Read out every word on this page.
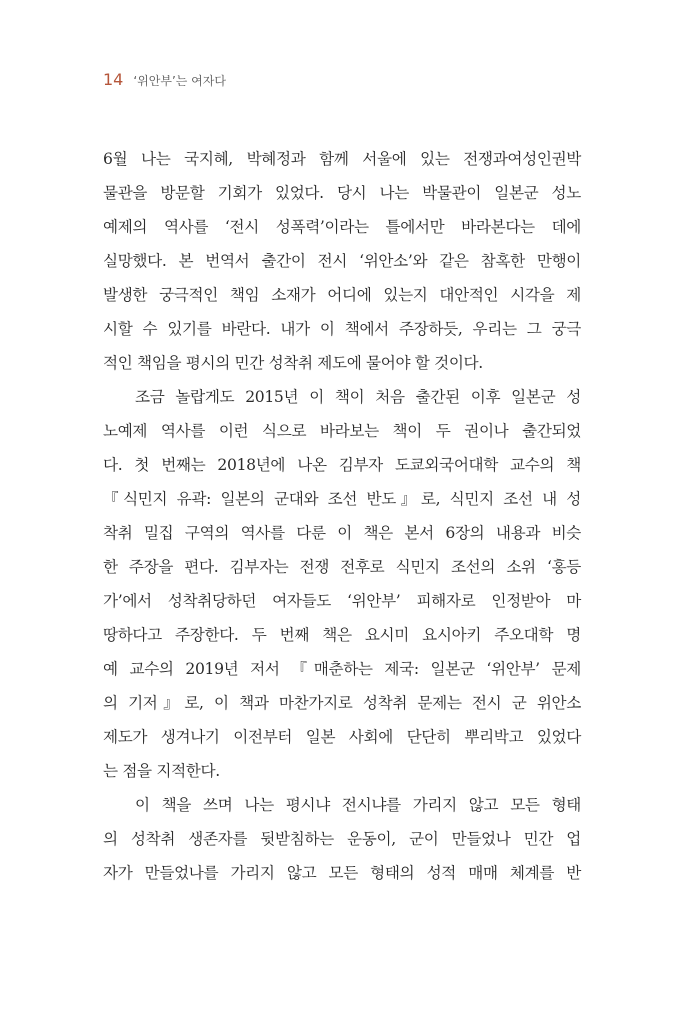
14 ‘위안부’는 여자다
6월 나는 국지혜, 박혜정과 함께 서울에 있는 전쟁과여성인권박
물관을 방문할 기회가 있었다. 당시 나는 박물관이 일본군 성노
예제의 역사를 ‘전시 성폭력’이라는 틀에서만 바라본다는 데에
실망했다. 본 번역서 출간이 전시 ‘위안소’와 같은 참혹한 만행이
발생한 궁극적인 책임 소재가 어디에 있는지 대안적인 시각을 제
시할 수 있기를 바란다. 내가 이 책에서 주장하듯, 우리는 그 궁극
적인 책임을 평시의 민간 성착취 제도에 물어야 할 것이다.
조금 놀랍게도 2015년 이 책이 처음 출간된 이후 일본군 성
노예제 역사를 이런 식으로 바라보는 책이 두 권이나 출간되었
다. 첫 번째는 2018년에 나온 김부자 도쿄외국어대학 교수의 책
『식민지 유곽: 일본의 군대와 조선 반도』로, 식민지 조선 내 성
착취 밀집 구역의 역사를 다룬 이 책은 본서 6장의 내용과 비슷
한 주장을 편다. 김부자는 전쟁 전후로 식민지 조선의 소위 ‘홍등
가’에서 성착취당하던 여자들도 ‘위안부’ 피해자로 인정받아 마
땅하다고 주장한다. 두 번째 책은 요시미 요시아키 주오대학 명
예 교수의 2019년 저서 『매춘하는 제국: 일본군 ‘위안부’ 문제
의 기저』로, 이 책과 마찬가지로 성착취 문제는 전시 군 위안소
제도가 생겨나기 이전부터 일본 사회에 단단히 뿌리박고 있었다
는 점을 지적한다.
이 책을 쓰며 나는 평시냐 전시냐를 가리지 않고 모든 형태
의 성착취 생존자를 뒷받침하는 운동이, 군이 만들었나 민간 업
자가 만들었나를 가리지 않고 모든 형태의 성적 매매 체계를 반
